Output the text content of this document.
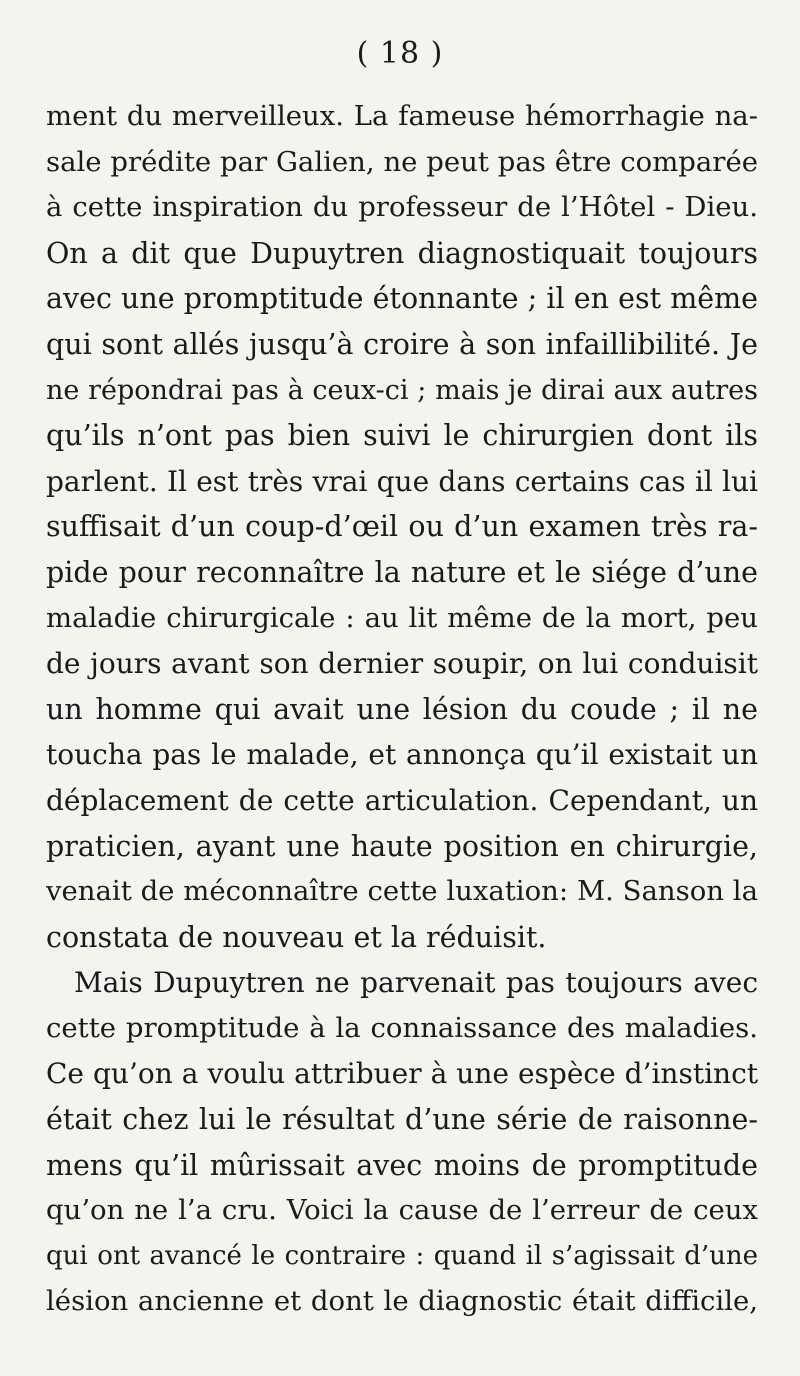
( 18 )
ment du merveilleux. La fameuse hémorrhagie na-
sale prédite par Galien, ne peut pas être comparée
à cette inspiration du professeur de l’Hôtel - Dieu.
On a dit que Dupuytren diagnostiquait toujours
avec une promptitude étonnante ; il en est même
qui sont allés jusqu’à croire à son infaillibilité. Je
ne répondrai pas à ceux-ci ; mais je dirai aux autres
qu’ils n’ont pas bien suivi le chirurgien dont ils
parlent. Il est très vrai que dans certains cas il lui
suffisait d’un coup-d’œil ou d’un examen très ra-
pide pour reconnaître la nature et le siége d’une
maladie chirurgicale : au lit même de la mort, peu
de jours avant son dernier soupir, on lui conduisit
un homme qui avait une lésion du coude ; il ne
toucha pas le malade, et annonça qu’il existait un
déplacement de cette articulation. Cependant, un
praticien, ayant une haute position en chirurgie,
venait de méconnaître cette luxation: M. Sanson la
constata de nouveau et la réduisit.
Mais Dupuytren ne parvenait pas toujours avec
cette promptitude à la connaissance des maladies.
Ce qu’on a voulu attribuer à une espèce d’instinct
était chez lui le résultat d’une série de raisonne-
mens qu’il mûrissait avec moins de promptitude
qu’on ne l’a cru. Voici la cause de l’erreur de ceux
qui ont avancé le contraire : quand il s’agissait d’une
lésion ancienne et dont le diagnostic était difficile,
